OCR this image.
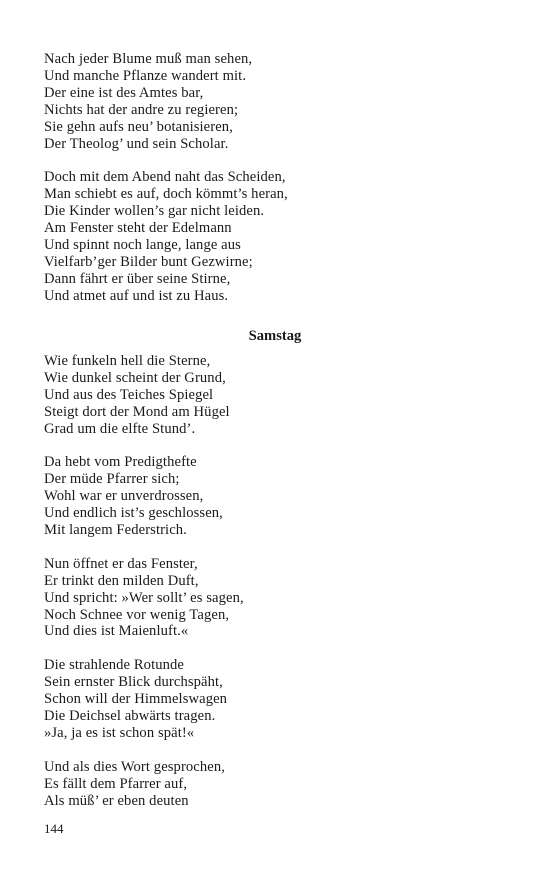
Nach jeder Blume muß man sehen,
Und manche Pflanze wandert mit.
Der eine ist des Amtes bar,
Nichts hat der andre zu regieren;
Sie gehn aufs neu’ botanisieren,
Der Theolog’ und sein Scholar.
Doch mit dem Abend naht das Scheiden,
Man schiebt es auf, doch kömmt’s heran,
Die Kinder wollen’s gar nicht leiden.
Am Fenster steht der Edelmann
Und spinnt noch lange, lange aus
Vielfarb’ger Bilder bunt Gezwirne;
Dann fährt er über seine Stirne,
Und atmet auf und ist zu Haus.
Samstag
Wie funkeln hell die Sterne,
Wie dunkel scheint der Grund,
Und aus des Teiches Spiegel
Steigt dort der Mond am Hügel
Grad um die elfte Stund’.
Da hebt vom Predigthefte
Der müde Pfarrer sich;
Wohl war er unverdrossen,
Und endlich ist’s geschlossen,
Mit langem Federstrich.
Nun öffnet er das Fenster,
Er trinkt den milden Duft,
Und spricht: »Wer sollt’ es sagen,
Noch Schnee vor wenig Tagen,
Und dies ist Maienluft.«
Die strahlende Rotunde
Sein ernster Blick durchspäht,
Schon will der Himmelswagen
Die Deichsel abwärts tragen.
»Ja, ja es ist schon spät!«
Und als dies Wort gesprochen,
Es fällt dem Pfarrer auf,
Als müß’ er eben deuten
144
